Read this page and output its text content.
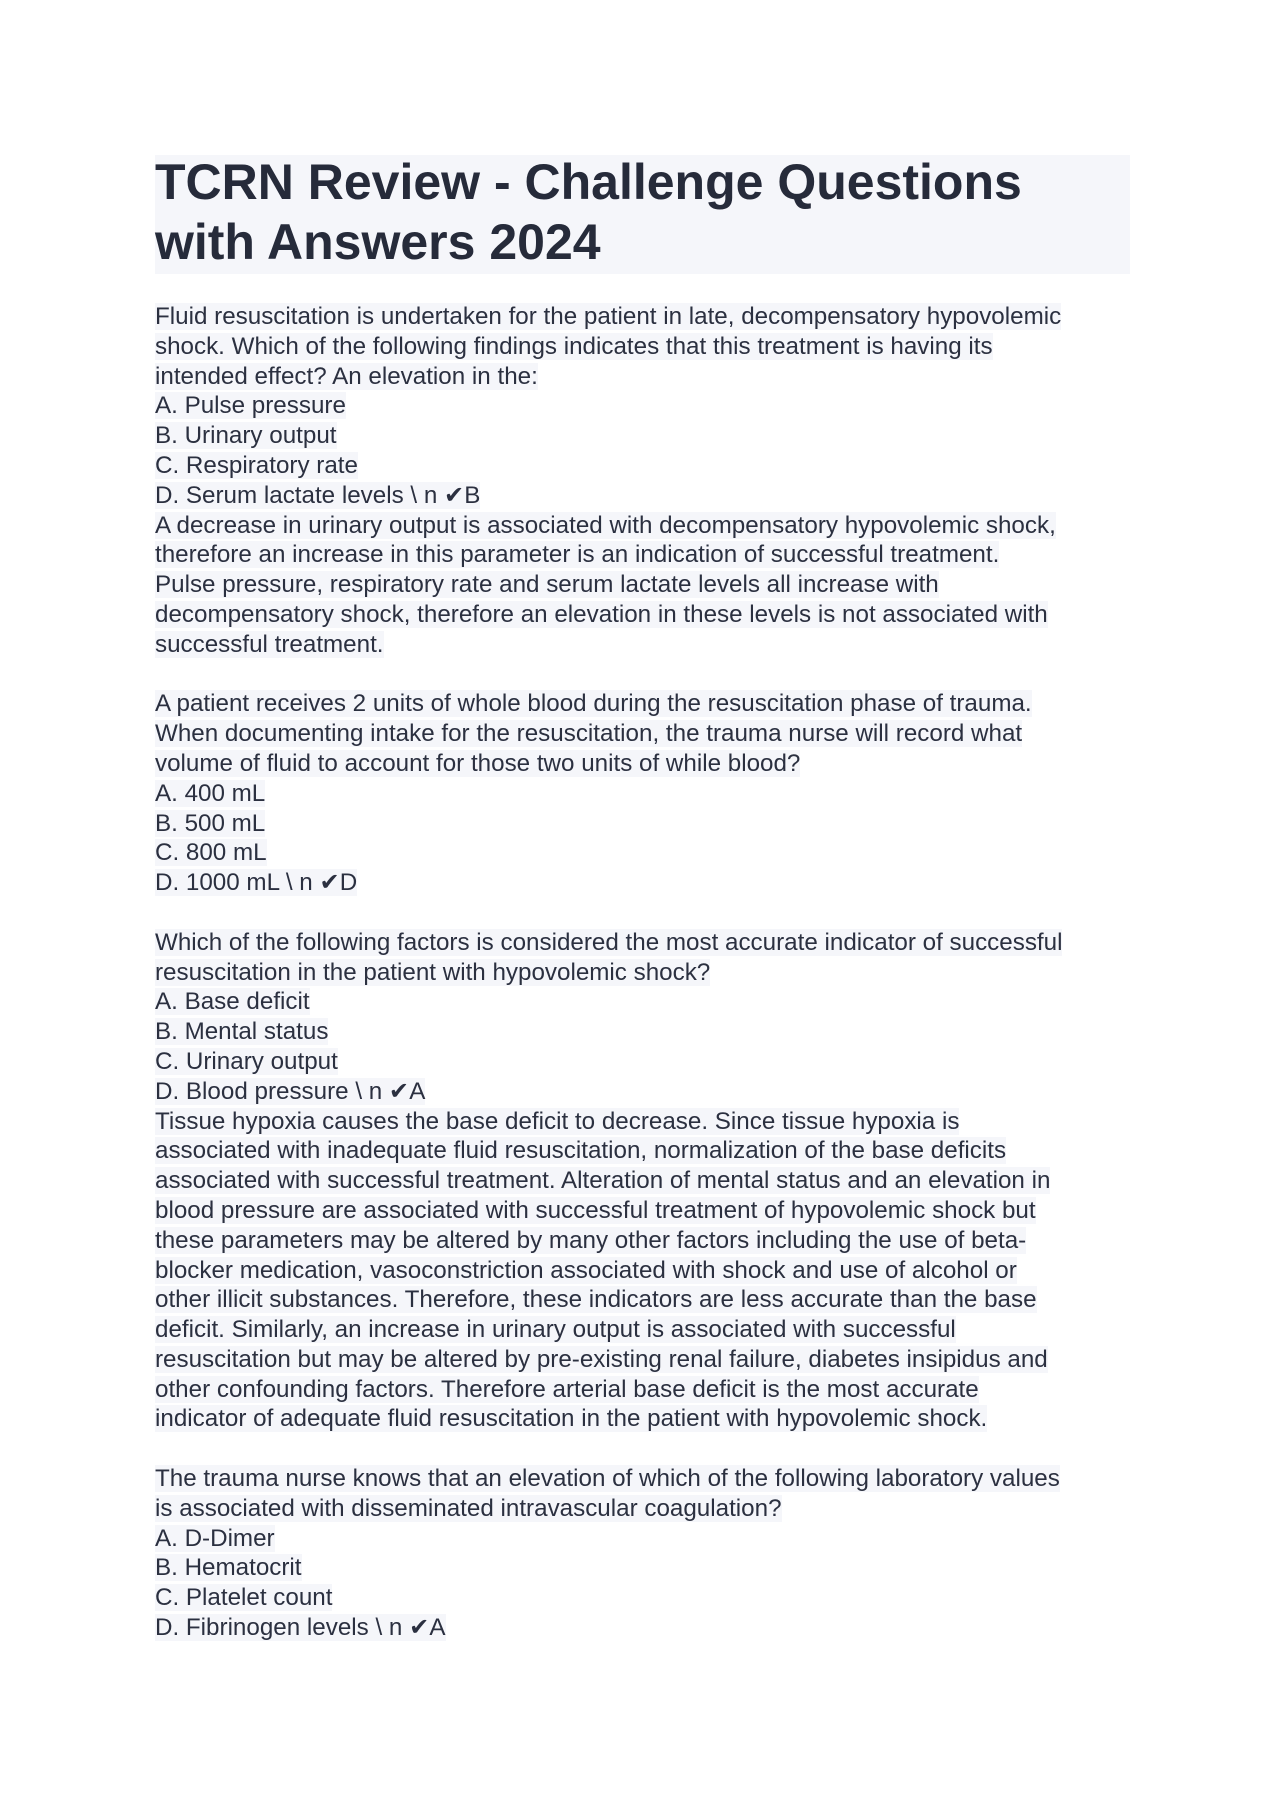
TCRN Review - Challenge Questions
with Answers 2024
Fluid resuscitation is undertaken for the patient in late, decompensatory hypovolemic
shock. Which of the following findings indicates that this treatment is having its
intended effect? An elevation in the:
A. Pulse pressure
B. Urinary output
C. Respiratory rate
D. Serum lactate levels \ n ✔B
A decrease in urinary output is associated with decompensatory hypovolemic shock,
therefore an increase in this parameter is an indication of successful treatment.
Pulse pressure, respiratory rate and serum lactate levels all increase with
decompensatory shock, therefore an elevation in these levels is not associated with
successful treatment.
A patient receives 2 units of whole blood during the resuscitation phase of trauma.
When documenting intake for the resuscitation, the trauma nurse will record what
volume of fluid to account for those two units of while blood?
A. 400 mL
B. 500 mL
C. 800 mL
D. 1000 mL \ n ✔D
Which of the following factors is considered the most accurate indicator of successful
resuscitation in the patient with hypovolemic shock?
A. Base deficit
B. Mental status
C. Urinary output
D. Blood pressure \ n ✔A
Tissue hypoxia causes the base deficit to decrease. Since tissue hypoxia is
associated with inadequate fluid resuscitation, normalization of the base deficits
associated with successful treatment. Alteration of mental status and an elevation in
blood pressure are associated with successful treatment of hypovolemic shock but
these parameters may be altered by many other factors including the use of beta-
blocker medication, vasoconstriction associated with shock and use of alcohol or
other illicit substances. Therefore, these indicators are less accurate than the base
deficit. Similarly, an increase in urinary output is associated with successful
resuscitation but may be altered by pre-existing renal failure, diabetes insipidus and
other confounding factors. Therefore arterial base deficit is the most accurate
indicator of adequate fluid resuscitation in the patient with hypovolemic shock.
The trauma nurse knows that an elevation of which of the following laboratory values
is associated with disseminated intravascular coagulation?
A. D-Dimer
B. Hematocrit
C. Platelet count
D. Fibrinogen levels \ n ✔A
